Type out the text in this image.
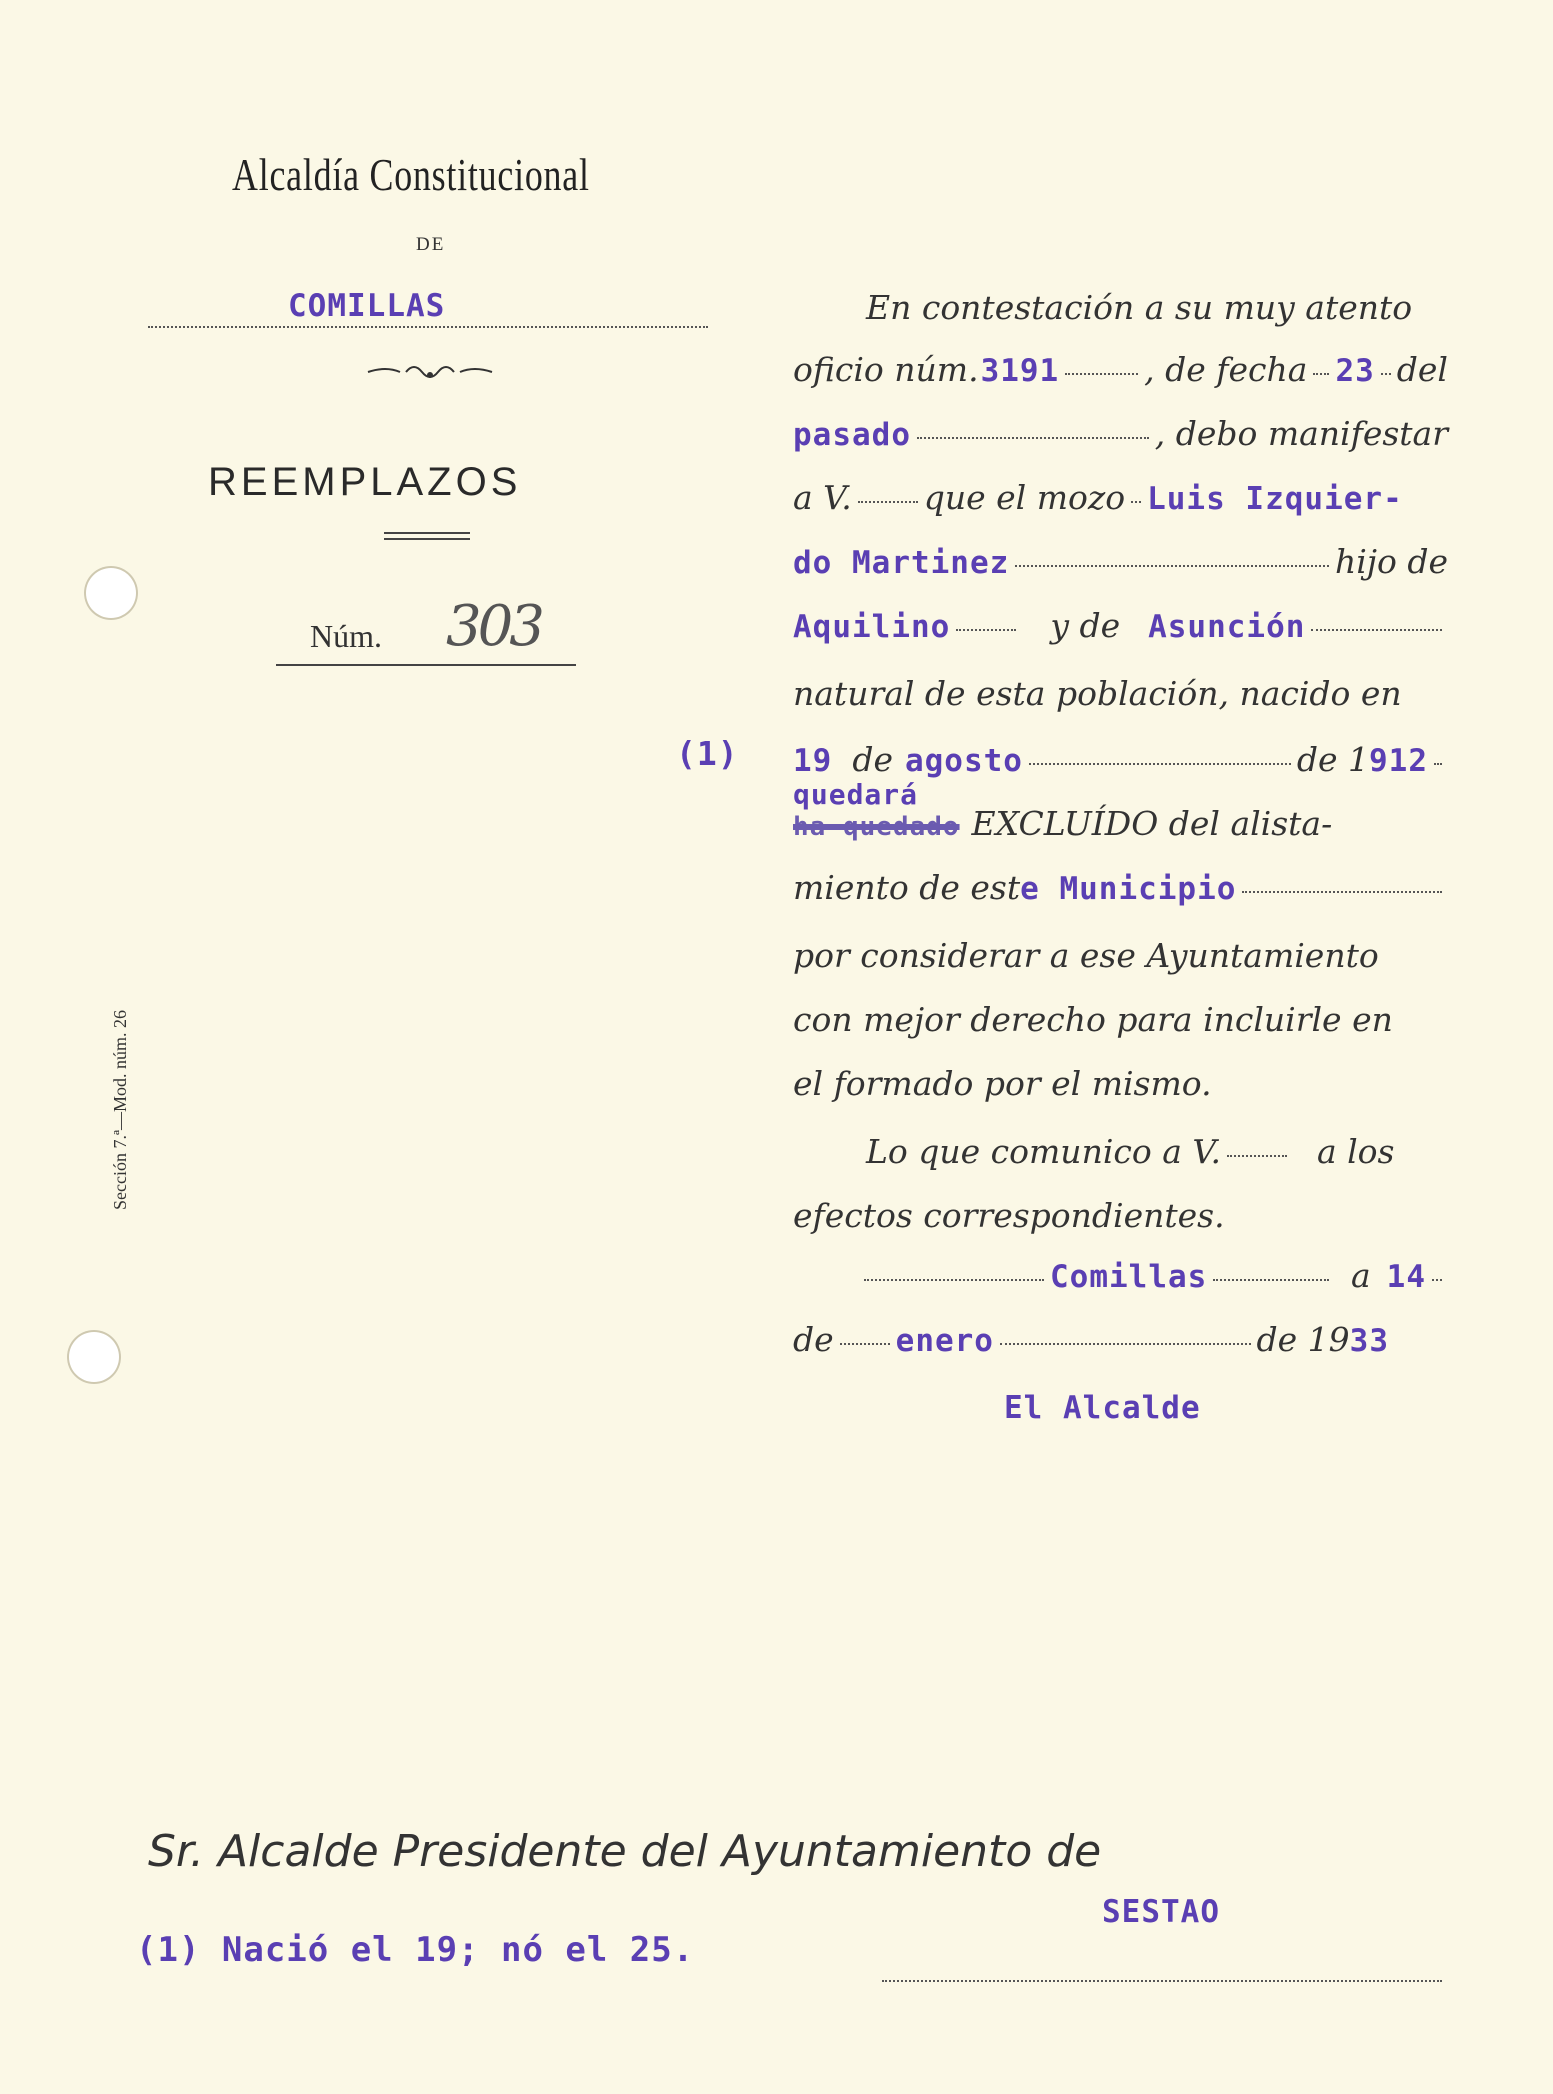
Alcaldía Constitucional
DE
COMILLAS
REEMPLAZOS
Núm. 303
Sección 7.ª—Mod. núm. 26
En contestación a su muy atento
oficio núm. 3191	, de fecha 23 del
pasado	, debo manifestar
a V. que el mozo Luis Izquier-
do Martinez	hijo de
Aquilino	y de Asunción
natural de esta población, nacido en
(1) 19 de agosto	de 1 912
quedará
ha quedado EXCLUÍDO del alista-
miento de est e Municipio
por considerar a ese Ayuntamiento
con mejor derecho para incluirle en
el formado por el mismo.
Lo que comunico a V.	a los
efectos correspondientes.
Comillas	a 14
de enero	de 19 33
El Alcalde
Sr. Alcalde Presidente del Ayuntamiento de
SESTAO
(1) Nació el 19; nó el 25.
